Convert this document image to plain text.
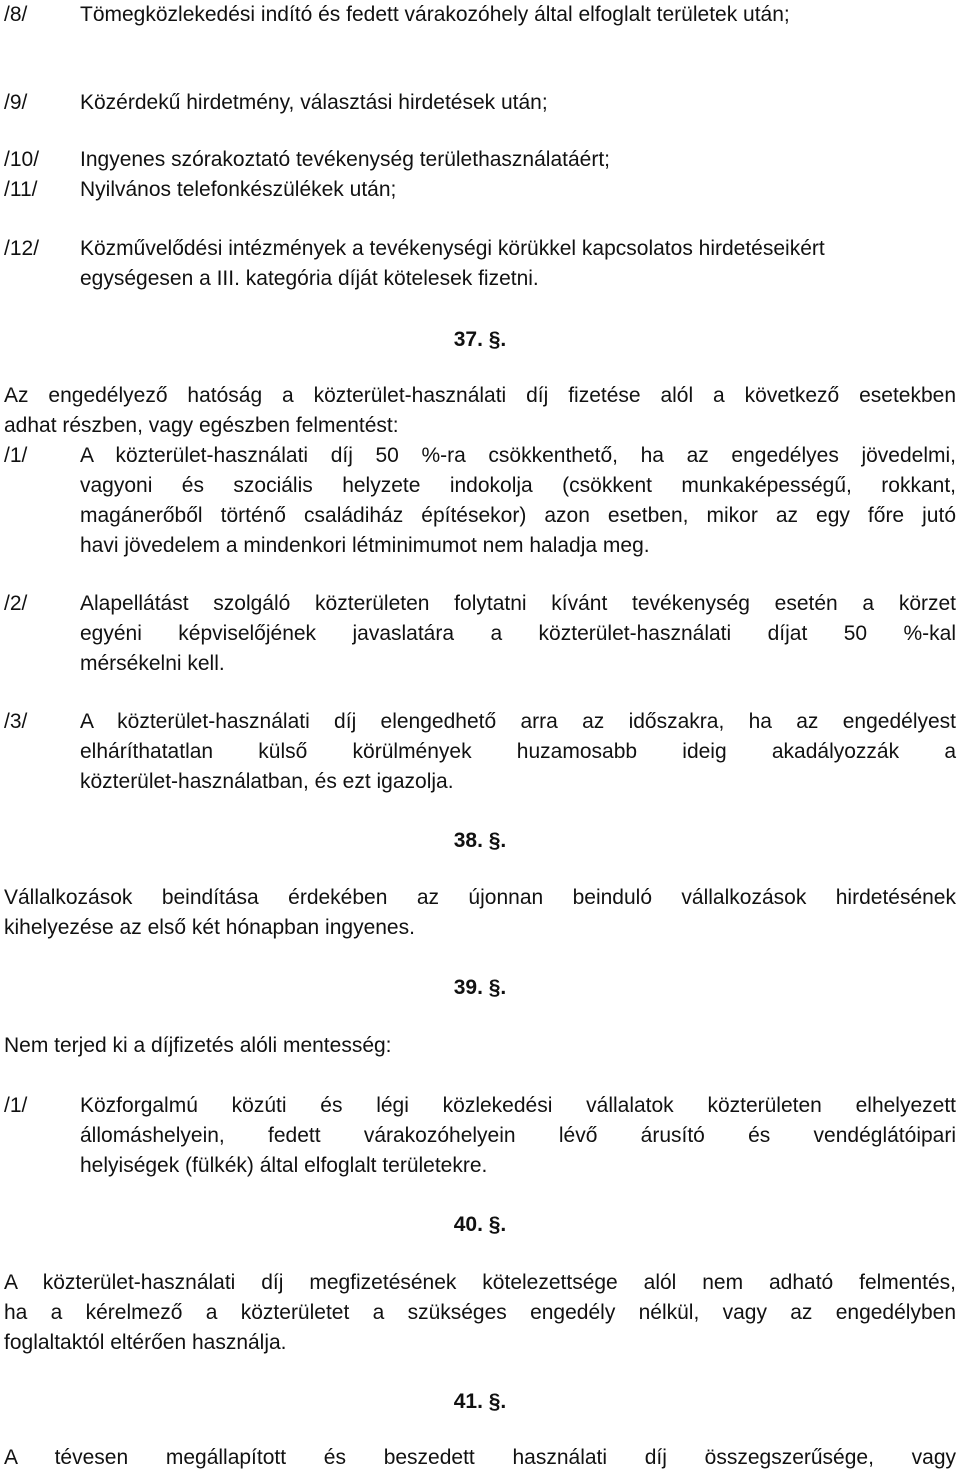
/8/	Tömegközlekedési indító és fedett várakozóhely által elfoglalt területek után;
/9/	Közérdekű hirdetmény, választási hirdetések után;
/10/ Ingyenes szórakoztató tevékenység területhasználatáért;
/11/ Nyilvános telefonkészülékek után;
/12/ Közművelődési intézmények a tevékenységi körükkel kapcsolatos hirdetéseikért
egységesen a III. kategória díját kötelesek fizetni.
37. §.
Az engedélyező hatóság a közterület-használati díj fizetése alól a következő esetekben
adhat részben, vagy egészben felmentést:
/1/	A közterület-használati díj 50 %-ra csökkenthető, ha az engedélyes jövedelmi,
vagyoni és szociális helyzete indokolja (csökkent munkaképességű, rokkant,
magánerőből történő családiház építésekor) azon esetben, mikor az egy főre jutó
havi jövedelem a mindenkori létminimumot nem haladja meg.
/2/	Alapellátást szolgáló közterületen folytatni kívánt tevékenység esetén a körzet
egyéni képviselőjének javaslatára a közterület-használati díjat 50 %-kal
mérsékelni kell.
/3/	A közterület-használati díj elengedhető arra az időszakra, ha az engedélyest
elháríthatatlan külső körülmények huzamosabb ideig akadályozzák a
közterület-használatban, és ezt igazolja.
38. §.
Vállalkozások beindítása érdekében az újonnan beinduló vállalkozások hirdetésének
kihelyezése az első két hónapban ingyenes.
39. §.
Nem terjed ki a díjfizetés alóli mentesség:
/1/	Közforgalmú közúti és légi közlekedési vállalatok közterületen elhelyezett
állomáshelyein, fedett várakozóhelyein lévő árusító és vendéglátóipari
helyiségek (fülkék) által elfoglalt területekre.
40. §.
A közterület-használati díj megfizetésének kötelezettsége alól nem adható felmentés,
ha a kérelmező a közterületet a szükséges engedély nélkül, vagy az engedélyben
foglaltaktól eltérően használja.
41. §.
A tévesen megállapított és beszedett használati díj összegszerűsége, vagy
